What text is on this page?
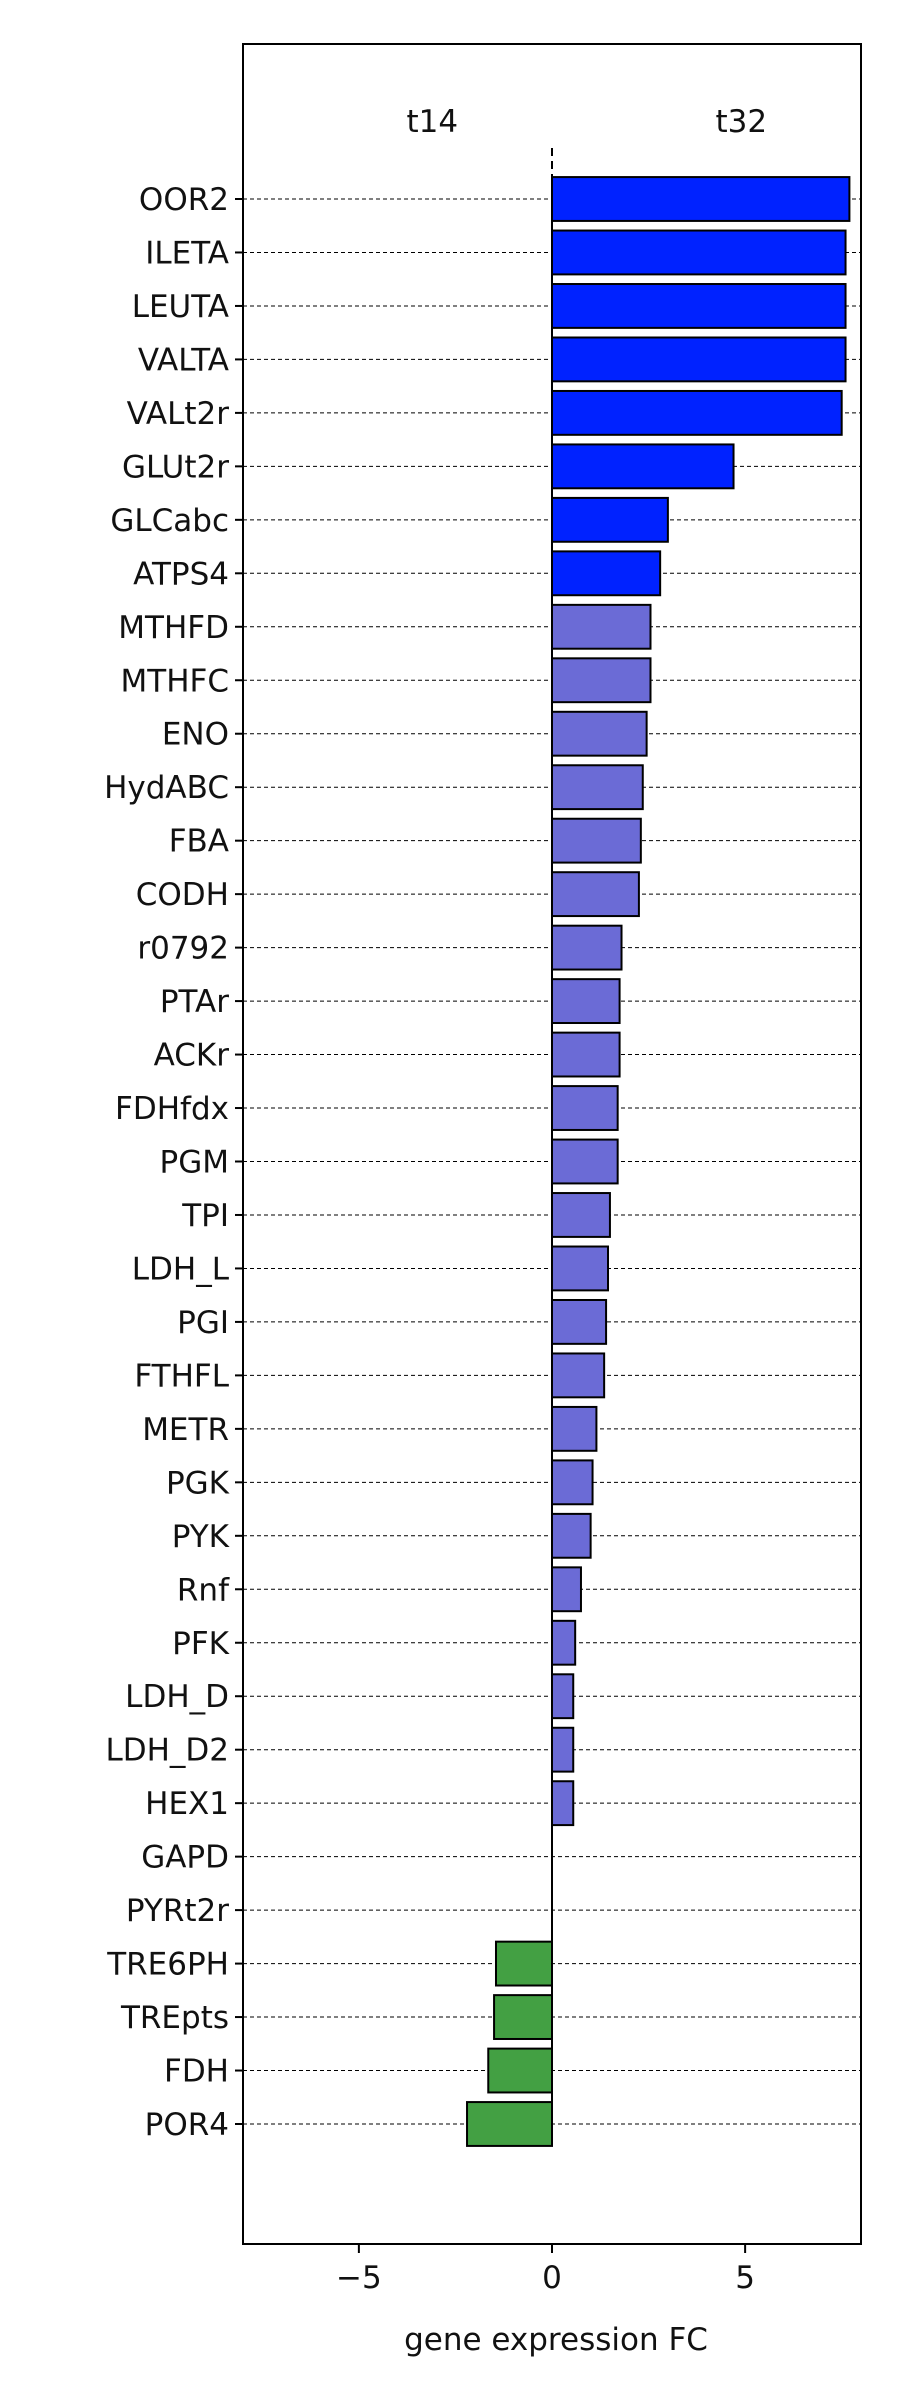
OOR2
ILETA
LEUTA
VALTA
VALt2r
GLUt2r
GLCabc
ATPS4
MTHFD
MTHFC
ENO
HydABC
FBA
CODH
r0792
PTAr
ACKr
FDHfdx
PGM
TPI
LDH_L
PGI
FTHFL
METR
PGK
PYK
Rnf
PFK
LDH_D
LDH_D2
HEX1
GAPD
PYRt2r
TRE6PH
TREpts
FDH
POR4
−5	0	5
t14	t32
gene expression FC
